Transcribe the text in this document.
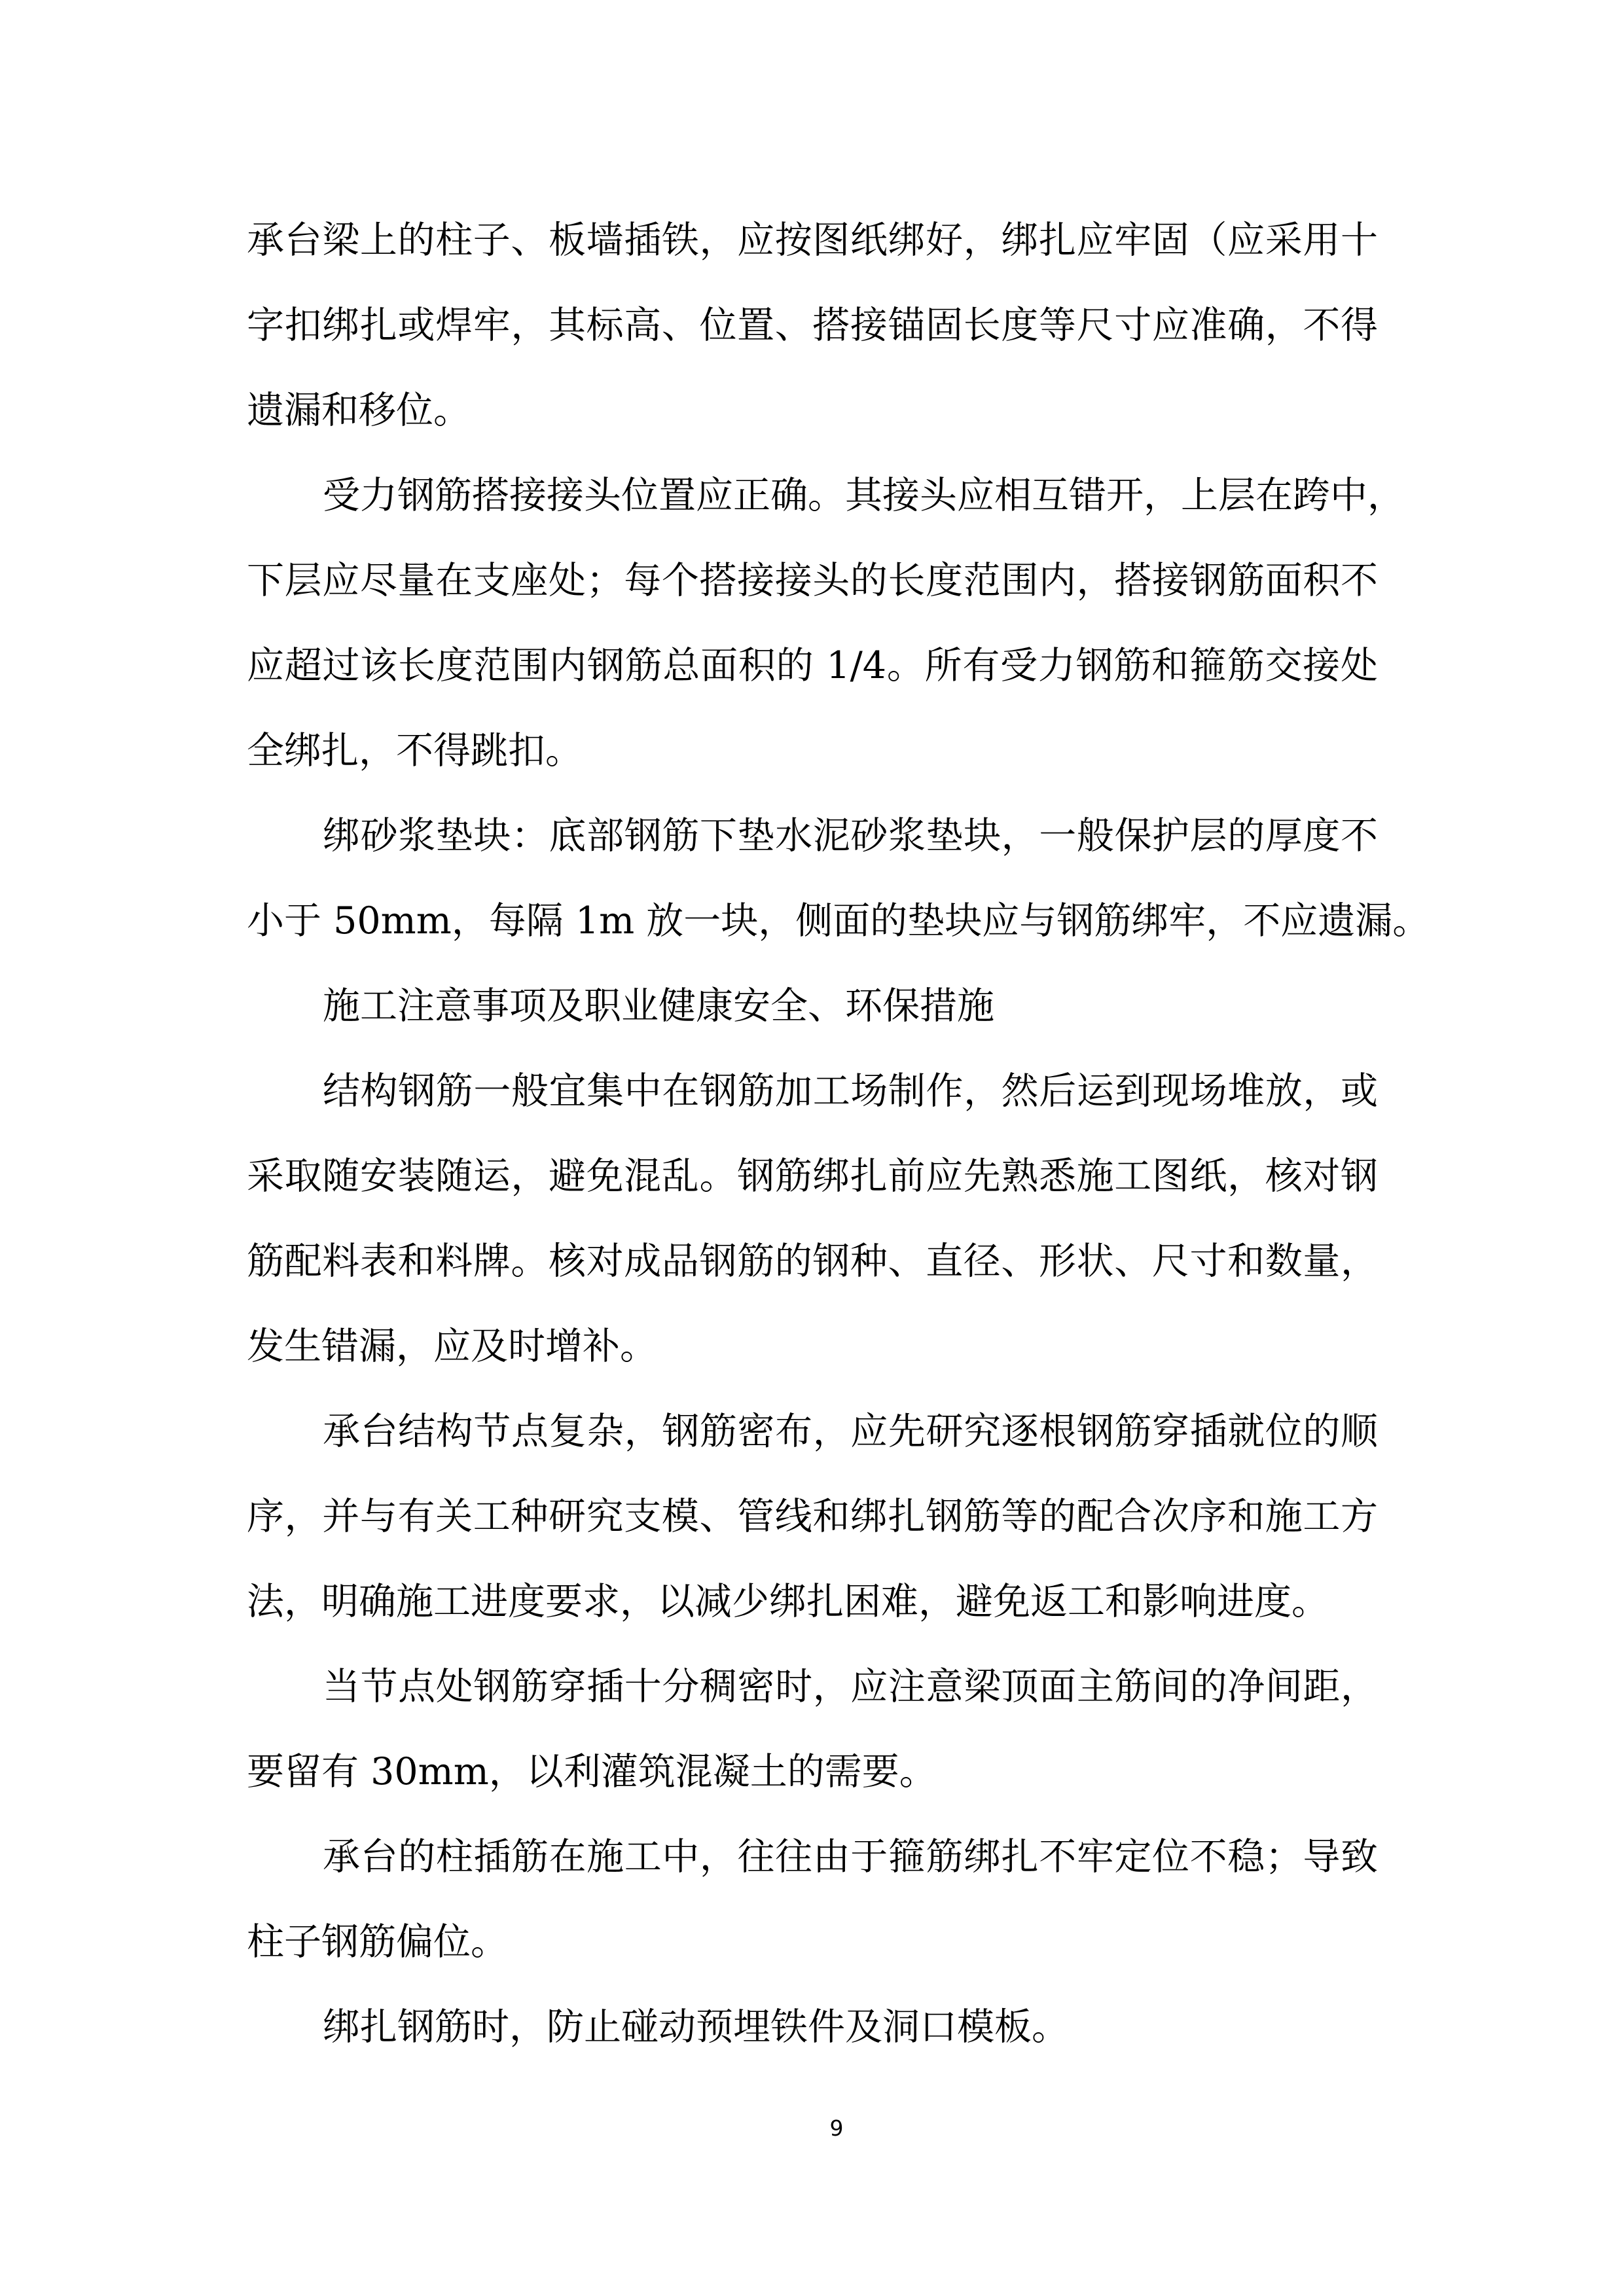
承台梁上的柱子、板墙插铁，应按图纸绑好，绑扎应牢固（应采用十
字扣绑扎或焊牢，其标高、位置、搭接锚固长度等尺寸应准确，不得
遗漏和移位。
受力钢筋搭接接头位置应正确。其接头应相互错开，上层在跨中，
下层应尽量在支座处；每个搭接接头的长度范围内，搭接钢筋面积不
应超过该长度范围内钢筋总面积的 1/4。所有受力钢筋和箍筋交接处
全绑扎，不得跳扣。
绑砂浆垫块：底部钢筋下垫水泥砂浆垫块，一般保护层的厚度不
小于 50mm，每隔 1m 放一块，侧面的垫块应与钢筋绑牢，不应遗漏。
施工注意事项及职业健康安全、环保措施
结构钢筋一般宜集中在钢筋加工场制作，然后运到现场堆放，或
采取随安装随运，避免混乱。钢筋绑扎前应先熟悉施工图纸，核对钢
筋配料表和料牌。核对成品钢筋的钢种、直径、形状、尺寸和数量，
发生错漏，应及时增补。
承台结构节点复杂，钢筋密布，应先研究逐根钢筋穿插就位的顺
序，并与有关工种研究支模、管线和绑扎钢筋等的配合次序和施工方
法，明确施工进度要求，以减少绑扎困难，避免返工和影响进度。
当节点处钢筋穿插十分稠密时，应注意梁顶面主筋间的净间距，
要留有 30mm，以利灌筑混凝土的需要。
承台的柱插筋在施工中，往往由于箍筋绑扎不牢定位不稳；导致
柱子钢筋偏位。
绑扎钢筋时，防止碰动预埋铁件及洞口模板。
9
